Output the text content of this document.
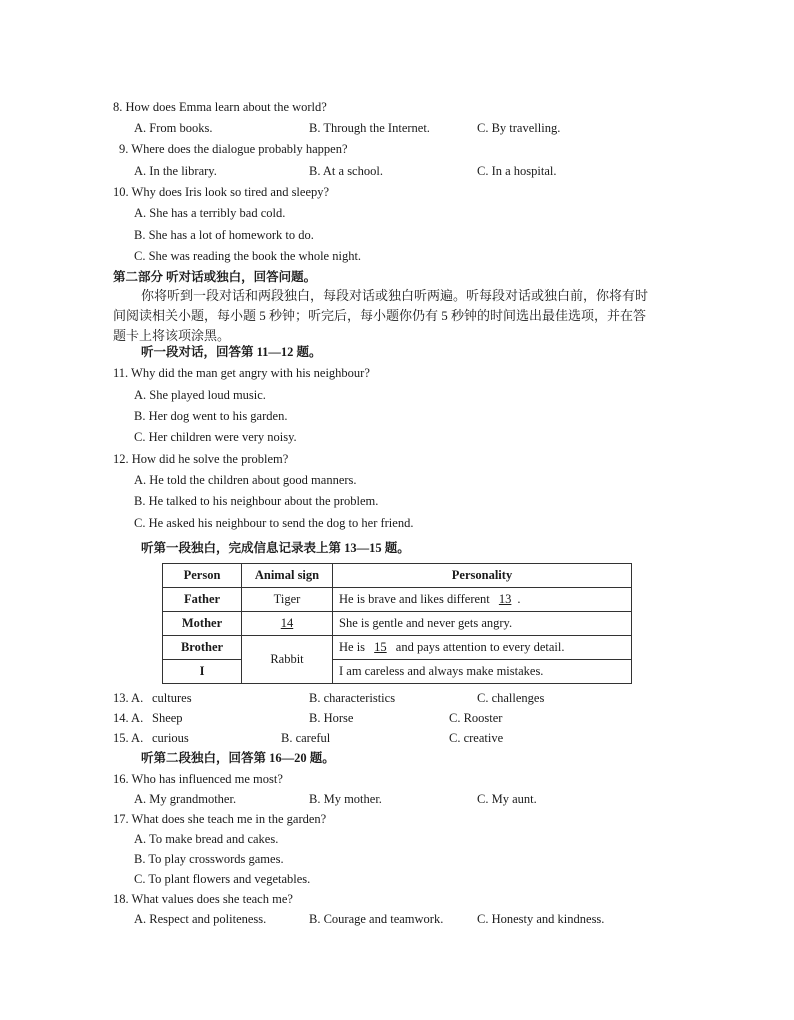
8. How does Emma learn about the world?
A. From books.	B. Through the Internet.	C. By travelling.
9. Where does the dialogue probably happen?
A. In the library.	B. At a school.	C. In a hospital.
10. Why does Iris look so tired and sleepy?
A. She has a terribly bad cold.
B. She has a lot of homework to do.
C. She was reading the book the whole night.
第二部分 听对话或独白，回答问题。
你将听到一段对话和两段独白，每段对话或独白听两遍。听每段对话或独白前，你将有时
间阅读相关小题，每小题 5 秒钟；听完后，每小题你仍有 5 秒钟的时间选出最佳选项，并在答
题卡上将该项涂黑。
听一段对话，回答第 11—12 题。
11. Why did the man get angry with his neighbour?
A. She played loud music.
B. Her dog went to his garden.
C. Her children were very noisy.
12. How did he solve the problem?
A. He told the children about good manners.
B. He talked to his neighbour about the problem.
C. He asked his neighbour to send the dog to her friend.
听第一段独白，完成信息记录表上第 13—15 题。
Person	Animal sign	Personality
Father	Tiger	He is brave and likes different 13 .
Mother	14	She is gentle and never gets angry.
Brother	Rabbit	He is 15 and pays attention to every detail.
I		I am careless and always make mistakes.
13. A. cultures	B. characteristics	C. challenges
14. A. Sheep	B. Horse	C. Rooster
15. A. curious	B. careful	C. creative
听第二段独白，回答第 16—20 题。
16. Who has influenced me most?
A. My grandmother.	B. My mother.	C. My aunt.
17. What does she teach me in the garden?
A. To make bread and cakes.
B. To play crosswords games.
C. To plant flowers and vegetables.
18. What values does she teach me?
A. Respect and politeness.	B. Courage and teamwork.	C. Honesty and kindness.
